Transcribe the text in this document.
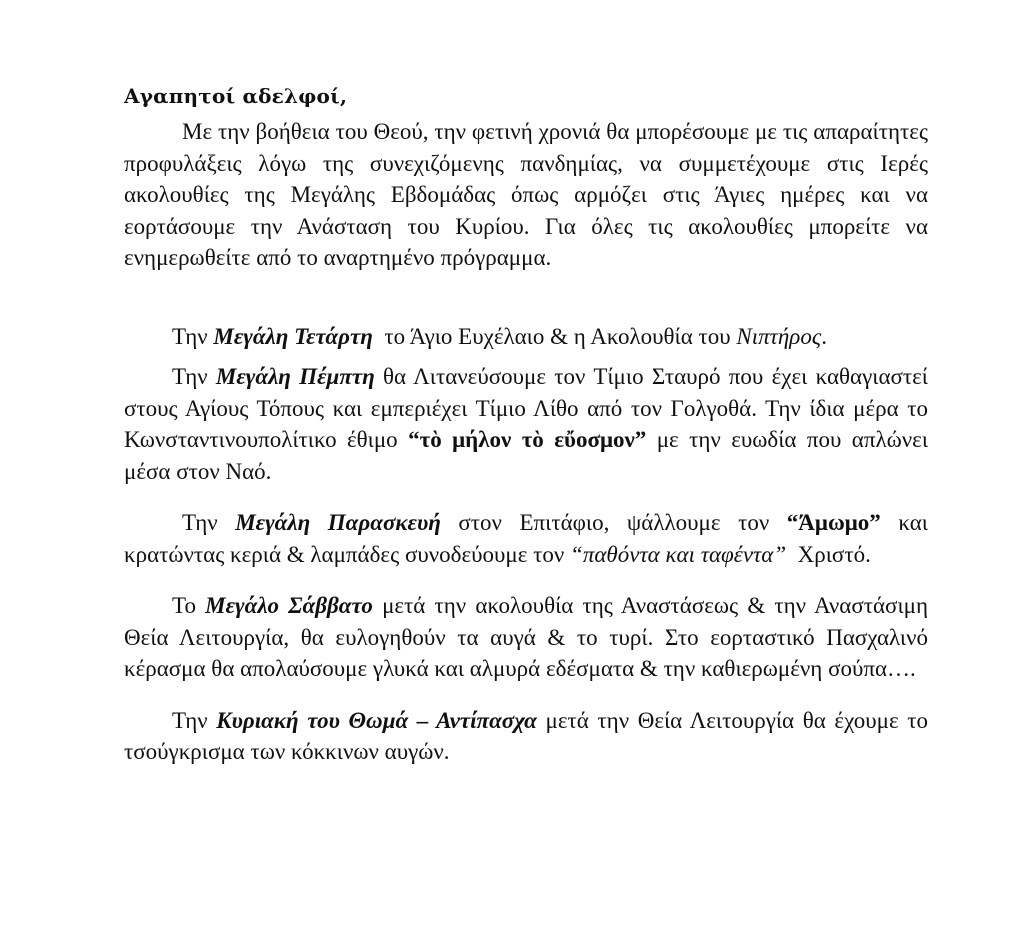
Αγαπητοί αδελφοί,

Με την βοήθεια του Θεού, την φετινή χρονιά θα μπορέσουμε με τις απαραίτητες προφυλάξεις λόγω της συνεχιζόμενης πανδημίας, να συμμετέχουμε στις Ιερές ακολουθίες της Μεγάλης Εβδομάδας όπως αρμόζει στις Άγιες ημέρες και να εορτάσουμε την Ανάσταση του Κυρίου. Για όλες τις ακολουθίες μπορείτε να ενημερωθείτε από το αναρτημένο πρόγραμμα.

Την Μεγάλη Τετάρτη  το Άγιο Ευχέλαιο & η Ακολουθία του Νιπτήρος.

Την Μεγάλη Πέμπτη θα Λιτανεύσουμε τον Τίμιο Σταυρό που έχει καθαγιαστεί στους Αγίους Τόπους και εμπεριέχει Τίμιο Λίθο από τον Γολγοθά. Την ίδια μέρα το Κωνσταντινουπολίτικο έθιμο “τὸ μήλον τὸ εὔοσμον” με την ευωδία που απλώνει μέσα στον Ναό.

Την Μεγάλη Παρασκευή στον Επιτάφιο, ψάλλουμε τον “Άμωμο” και κρατώντας κεριά & λαμπάδες συνοδεύουμε τον “παθόντα και ταφέντα”  Χριστό.

Το Μεγάλο Σάββατο μετά την ακολουθία της Αναστάσεως & την Αναστάσιμη Θεία Λειτουργία, θα ευλογηθούν τα αυγά & το τυρί. Στο εορταστικό Πασχαλινό κέρασμα θα απολαύσουμε γλυκά και αλμυρά εδέσματα & την καθιερωμένη σούπα….

Την Κυριακή του Θωμά – Αντίπασχα μετά την Θεία Λειτουργία θα έχουμε το τσούγκρισμα των κόκκινων αυγών.
